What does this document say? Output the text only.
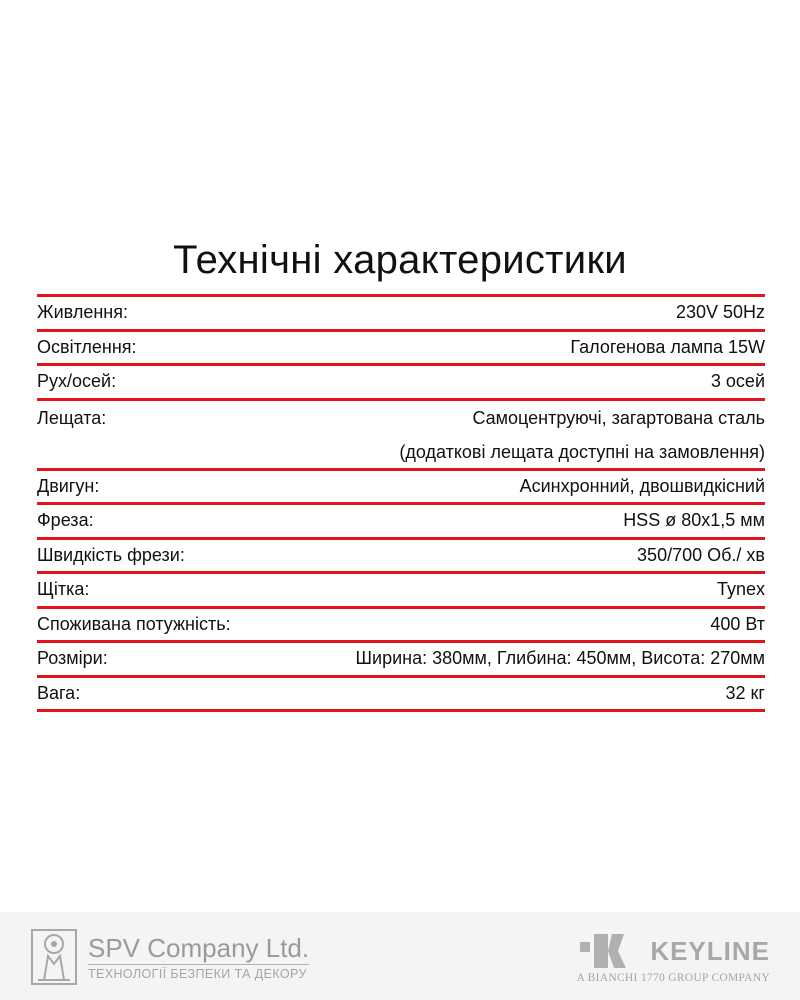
Технічні характеристики
Живлення:	230V 50Hz
Освітлення:	Галогенова лампа 15W
Рух/осей:	3 осей
Лещата:	Самоцентруючі, загартована сталь
(додаткові лещата доступні на замовлення)
Двигун:	Асинхронний, двошвидкісний
Фреза:	HSS ø 80x1,5 мм
Швидкість фрези:	350/700 Об./ хв
Щітка:	Tynex
Споживана потужність:	400 Вт
Розміри:	Ширина: 380мм, Глибина: 450мм, Висота: 270мм
Вага:	32 кг
SPV Company Ltd.
ТЕХНОЛОГІЇ БЕЗПЕКИ ТА ДЕКОРУ
KEYLINE
A BIANCHI 1770 GROUP COMPANY
